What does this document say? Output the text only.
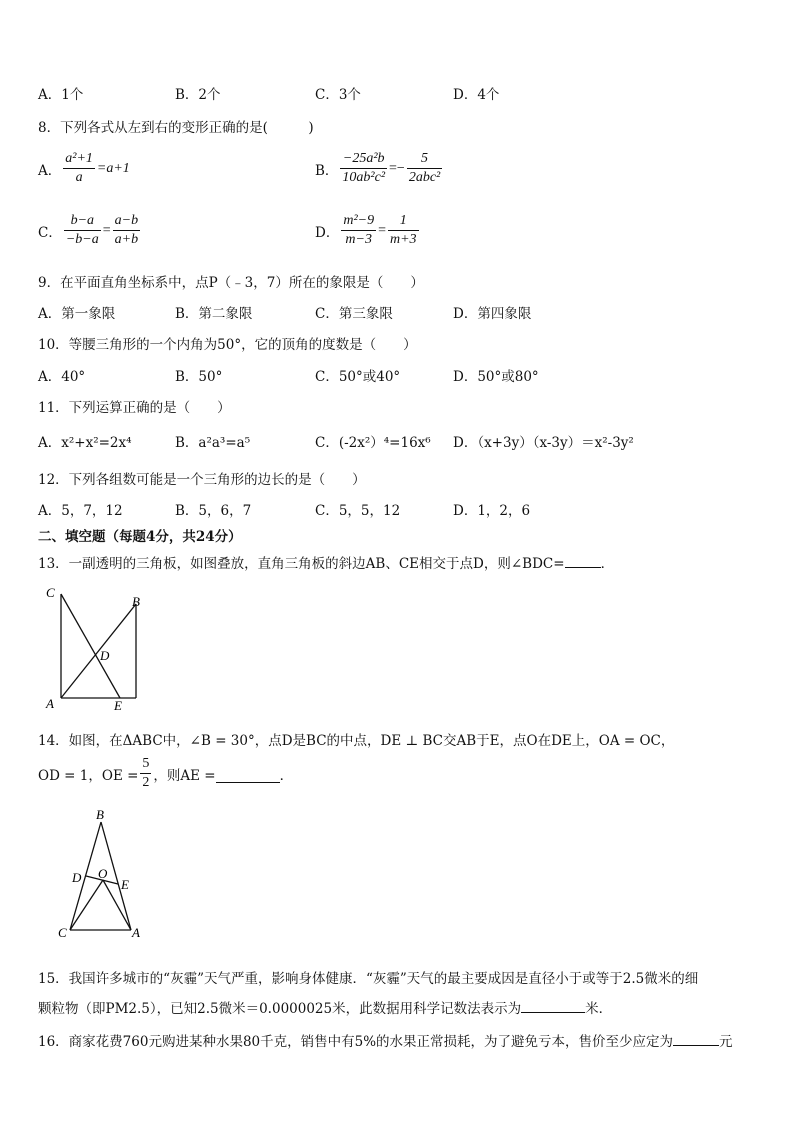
A．1个	B．2个	C．3个	D．4个
8．下列各式从左到右的变形正确的是(　　　)
A． $\frac{\text{a²+1}}{a} =a+1$	B． $\frac{\text{−25a²b}}{\text{10ab²c²}} =- \frac{5}{\text{2abc²}}$
C． $\frac{b-a}{-b-a} = \frac{a-b}{a+b}$	D． $\frac{\text{m²−9}}{m-3} = \frac{1}{m+3}$
9．在平面直角坐标系中，点P（﹣3，7）所在的象限是（　　）
A．第一象限	B．第二象限	C．第三象限	D．第四象限
10．等腰三角形的一个内角为50°，它的顶角的度数是（　　）
A．40°	B．50°	C．50°或40°	D．50°或80°
11．下列运算正确的是（　　）
A．x²+x²=2x⁴	B．a²a³=a⁵	C．(-2x²）⁴=16x⁶ D．（x+3y）（x-3y）＝x²-3y²
12．下列各组数可能是一个三角形的边长的是（　　）
A．5，7，12	B．5，6，7	C．5，5，12	D．1，2，6
二、填空题（每题4分，共24分）
13．一副透明的三角板，如图叠放，直角三角板的斜边AB、CE相交于点D，则∠BDC=	．
C
B
D
A	E
14．如图，在ΔABC中，∠B = 30°，点D是BC的中点，DE ⊥ BC交AB于E，点O在DE上，OA = OC，
OD = 1，OE = $\frac{5}{2}$ ，则AE =	．
B
D O
E
C	A
15．我国许多城市的“灰霾”天气严重，影响身体健康．“灰霾”天气的最主要成因是直径小于或等于2.5微米的细
颗粒物（即PM2.5），已知2.5微米＝0.0000025米，此数据用科学记数法表示为	米．
16．商家花费760元购进某种水果80千克，销售中有5%的水果正常损耗，为了避免亏本，售价至少应定为	元
